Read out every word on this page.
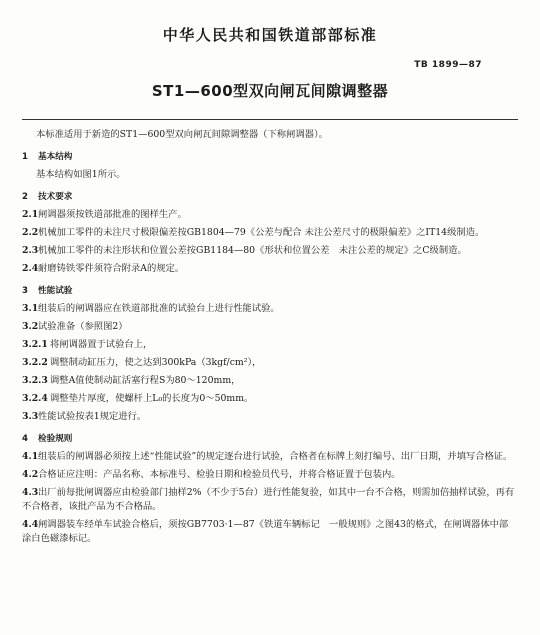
中华人民共和国铁道部部标准
TB 1899—87
ST1—600型双向闸瓦间隙调整器

本标准适用于新造的ST1—600型双向闸瓦间隙调整器（下称闸调器）。

1 基本结构

基本结构如图1所示。

2 技术要求

2.1闸调器须按铁道部批准的图样生产。

2.2机械加工零件的未注尺寸极限偏差按GB1804—79《公差与配合 未注公差尺寸的极限偏差》之IT14级制造。

2.3机械加工零件的未注形状和位置公差按GB1184—80《形状和位置公差　未注公差的规定》之C级制造。

2.4耐磨铸铁零件须符合附录A的规定。

3 性能试验

3.1组装后的闸调器应在铁道部批准的试验台上进行性能试验。

3.2试验准备（参照图2）

3.2.1 将闸调器置于试验台上，

3.2.2 调整制动缸压力，使之达到300kPa（3kgf/cm²），

3.2.3 调整A值使制动缸活塞行程S为80～120mm，

3.2.4 调整垫片厚度，使螺杆上L₀的长度为0～50mm。

3.3性能试验按表1规定进行。

4 检验规则

4.1组装后的闸调器必须按上述“性能试验”的规定逐台进行试验，合格者在标牌上刻打编号、出厂日期，并填写合格证。

4.2合格证应注明：产品名称、本标准号、检验日期和检验员代号，并将合格证置于包装内。

4.3出厂前每批闸调器应由检验部门抽样2%（不少于5台）进行性能复验，如其中一台不合格，则需加倍抽样试验，再有不合格者，该批产品为不合格品。

4.4闸调器装车经单车试验合格后，须按GB7703·1—87《铁道车辆标记　一般规则》之图43的格式，在闸调器体中部涂白色磁漆标记。
